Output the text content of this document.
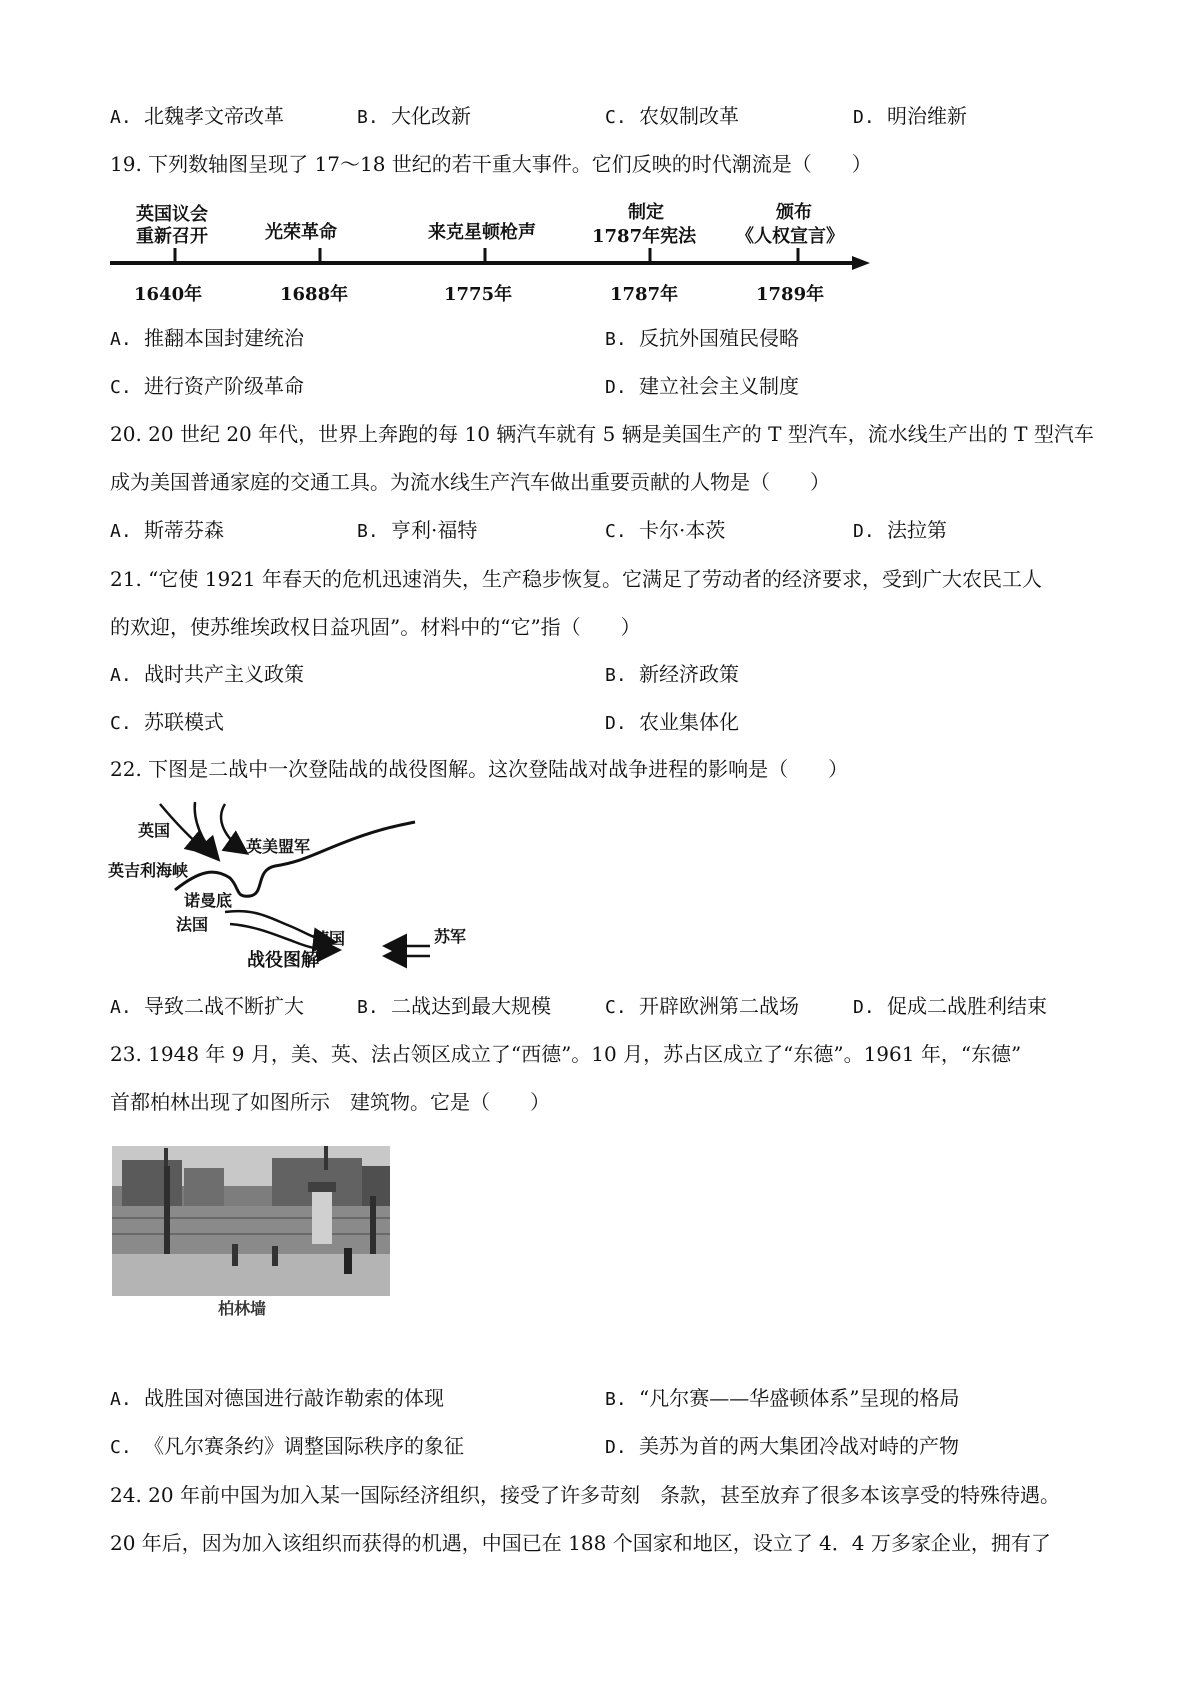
A. 北魏孝文帝改革	B. 大化改新	C. 农奴制改革	D. 明治维新
19. 下列数轴图呈现了 17～18 世纪的若干重大事件。它们反映的时代潮流是（　　）
英国议会
重新召开	光荣革命	来克星顿枪声
制定
1787年宪法
颁布
《人权宣言》
1640年	1688年	1775年	1787年	1789年
A. 推翻本国封建统治	B. 反抗外国殖民侵略
C. 进行资产阶级革命	D. 建立社会主义制度
20. 20 世纪 20 年代，世界上奔跑的每 10 辆汽车就有 5 辆是美国生产的 T 型汽车，流水线生产出的 T 型汽车
成为美国普通家庭的交通工具。为流水线生产汽车做出重要贡献的人物是（　　）
A. 斯蒂芬森	B. 亨利·福特	C. 卡尔·本茨	D. 法拉第
21. “它使 1921 年春天的危机迅速消失，生产稳步恢复。它满足了劳动者的经济要求，受到广大农民工人
的欢迎，使苏维埃政权日益巩固”。材料中的“它”指（　　）
A. 战时共产主义政策	B. 新经济政策
C. 苏联模式	D. 农业集体化
22. 下图是二战中一次登陆战的战役图解。这次登陆战对战争进程的影响是（　　）
英国
英美盟军
英吉利海峡
诺曼底
法国
德国	苏军
战役图解
A. 导致二战不断扩大	B. 二战达到最大规模	C. 开辟欧洲第二战场	D. 促成二战胜利结束
23. 1948 年 9 月，美、英、法占领区成立了“西德”。10 月，苏占区成立了“东德”。1961 年，“东德”
首都柏林出现了如图所示　建筑物。它是（　　）
柏林墙
A. 战胜国对德国进行敲诈勒索的体现	B. “凡尔赛——华盛顿体系”呈现的格局
C. 《凡尔赛条约》调整国际秩序的象征	D. 美苏为首的两大集团冷战对峙的产物
24. 20 年前中国为加入某一国际经济组织，接受了许多苛刻　条款，甚至放弃了很多本该享受的特殊待遇。
20 年后，因为加入该组织而获得的机遇，中国已在 188 个国家和地区，设立了 4．4 万多家企业，拥有了
